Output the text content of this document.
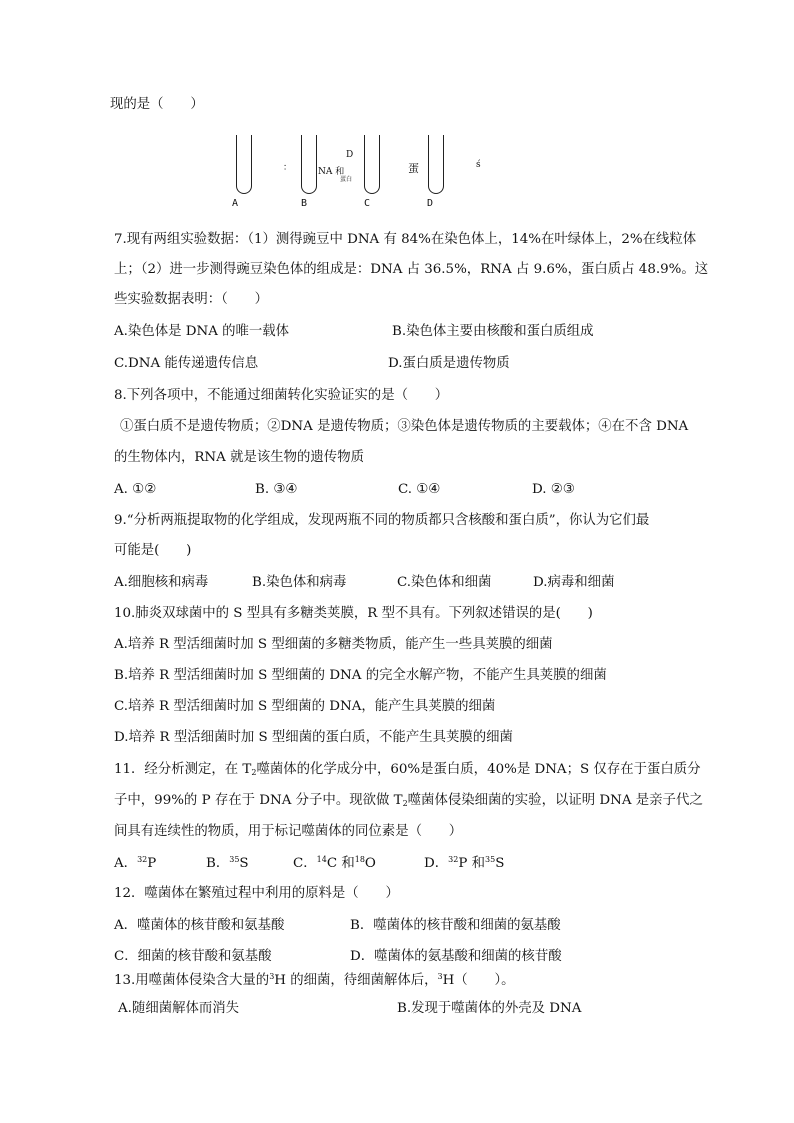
现的是（　　）
：
D
NA 和
蛋白
蛋	ś
A	B	C	D
7.现有两组实验数据：（1）测得豌豆中 DNA 有 84%在染色体上，14%在叶绿体上，2%在线粒体
上；（2）进一步测得豌豆染色体的组成是：DNA 占 36.5%，RNA 占 9.6%，蛋白质占 48.9%。这
些实验数据表明：（　　）
A.染色体是 DNA 的唯一载体	B.染色体主要由核酸和蛋白质组成
C.DNA 能传递遗传信息	D.蛋白质是遗传物质
8.下列各项中，不能通过细菌转化实验证实的是（　　）
①蛋白质不是遗传物质；②DNA 是遗传物质；③染色体是遗传物质的主要载体；④在不含 DNA
的生物体内，RNA 就是该生物的遗传物质
A. ①②	B. ③④	C. ①④	D. ②③
9.“分析两瓶提取物的化学组成，发现两瓶不同的物质都只含核酸和蛋白质”，你认为它们最
可能是(　　)
A.细胞核和病毒	B.染色体和病毒	C.染色体和细菌	D.病毒和细菌
10.肺炎双球菌中的 S 型具有多糖类荚膜，R 型不具有。下列叙述错误的是(　　)
A.培养 R 型活细菌时加 S 型细菌的多糖类物质，能产生一些具荚膜的细菌
B.培养 R 型活细菌时加 S 型细菌的 DNA 的完全水解产物，不能产生具荚膜的细菌
C.培养 R 型活细菌时加 S 型细菌的 DNA，能产生具荚膜的细菌
D.培养 R 型活细菌时加 S 型细菌的蛋白质，不能产生具荚膜的细菌
11．经分析测定，在 $T_2$噬菌体的化学成分中，60%是蛋白质，40%是 DNA；S 仅存在于蛋白质分
子中，99%的 P 存在于 DNA 分子中。现欲做 $T_2$噬菌体侵染细菌的实验，以证明 DNA 是亲子代之
间具有连续性的物质，用于标记噬菌体的同位素是（　　）
A．$^{32}$P	B．$^{35}$S	C．$^{14}$C 和$^{18}$O	D．$^{32}$P 和$^{35}$S
12．噬菌体在繁殖过程中利用的原料是（　　）
A．噬菌体的核苷酸和氨基酸	B．噬菌体的核苷酸和细菌的氨基酸
C．细菌的核苷酸和氨基酸	D．噬菌体的氨基酸和细菌的核苷酸
13.用噬菌体侵染含大量的$^3$H 的细菌，待细菌解体后，$^3$H（　　）。
A.随细菌解体而消失	B.发现于噬菌体的外壳及 DNA
